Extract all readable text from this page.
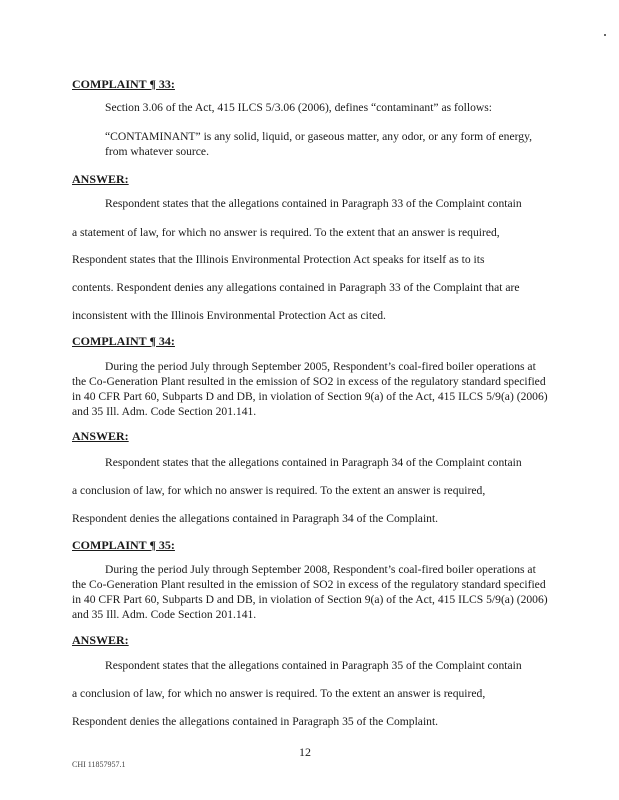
COMPLAINT ¶ 33:

Section 3.06 of the Act, 415 ILCS 5/3.06 (2006), defines “contaminant” as follows:

“CONTAMINANT” is any solid, liquid, or gaseous matter, any odor, or any form of energy, from whatever source.

ANSWER:

Respondent states that the allegations contained in Paragraph 33 of the Complaint contain

a statement of law, for which no answer is required. To the extent that an answer is required,

Respondent states that the Illinois Environmental Protection Act speaks for itself as to its

contents. Respondent denies any allegations contained in Paragraph 33 of the Complaint that are

inconsistent with the Illinois Environmental Protection Act as cited.

COMPLAINT ¶ 34:

During the period July through September 2005, Respondent’s coal-fired boiler operations at the Co-Generation Plant resulted in the emission of SO2 in excess of the regulatory standard specified in 40 CFR Part 60, Subparts D and DB, in violation of Section 9(a) of the Act, 415 ILCS 5/9(a) (2006) and 35 Ill. Adm. Code Section 201.141.

ANSWER:

Respondent states that the allegations contained in Paragraph 34 of the Complaint contain

a conclusion of law, for which no answer is required. To the extent an answer is required,

Respondent denies the allegations contained in Paragraph 34 of the Complaint.

COMPLAINT ¶ 35:

During the period July through September 2008, Respondent’s coal-fired boiler operations at the Co-Generation Plant resulted in the emission of SO2 in excess of the regulatory standard specified in 40 CFR Part 60, Subparts D and DB, in violation of Section 9(a) of the Act, 415 ILCS 5/9(a) (2006) and 35 Ill. Adm. Code Section 201.141.

ANSWER:

Respondent states that the allegations contained in Paragraph 35 of the Complaint contain

a conclusion of law, for which no answer is required. To the extent an answer is required,

Respondent denies the allegations contained in Paragraph 35 of the Complaint.

12
CHI 11857957.1
